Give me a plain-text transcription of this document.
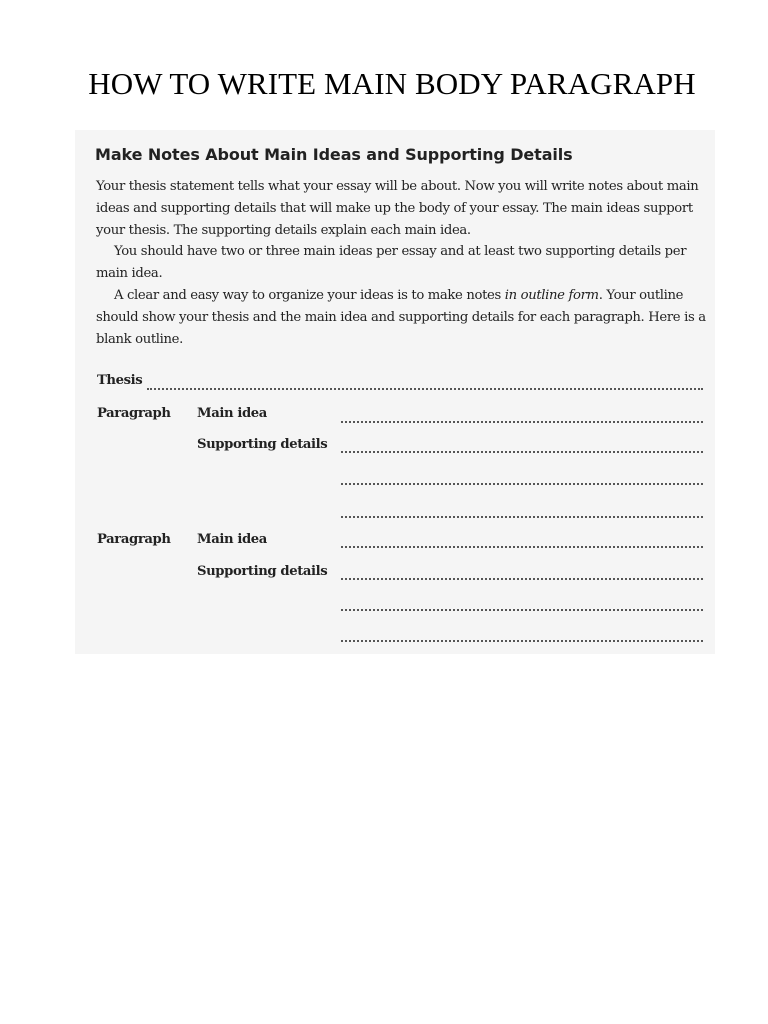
HOW TO WRITE MAIN BODY PARAGRAPH
Make Notes About Main Ideas and Supporting Details

Your thesis statement tells what your essay will be about. Now you will write notes about main ideas and supporting details that will make up the body of your essay. The main ideas support your thesis. The supporting details explain each main idea.

You should have two or three main ideas per essay and at least two supporting details per main idea.

A clear and easy way to organize your ideas is to make notes in outline form. Your outline should show your thesis and the main idea and supporting details for each paragraph. Here is a blank outline.

Thesis
Paragraph Main idea
Supporting details
Paragraph Main idea
Supporting details
